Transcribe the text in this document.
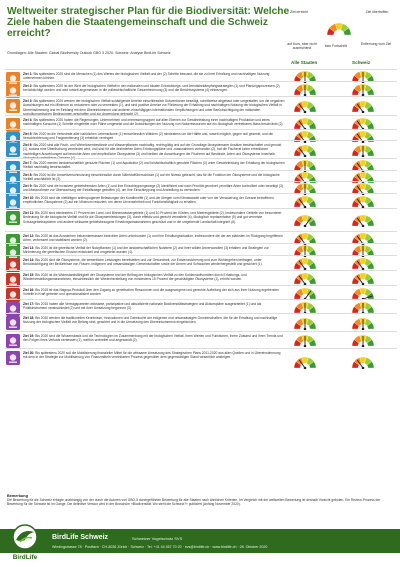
Weltweiter strategischer Plan für die Biodiversität: Welche Ziele haben die Staatengemeinschaft und die Schweiz erreicht?
Grundlagen: Alle Staaten: Global Biodiversity Outlook GBO 5 2020. Schweiz: Analyse BirdLife Schweiz
Ziel erreicht	Ziel übertroffen
auf Kurs, aber nicht ausreichend	kein Fortschritt	Entfernung vom Ziel
Alle Staaten	Schweiz
Ziel 1: Bis spätestens 2020 sind die Menschen (1) des Wertes der biologischen Vielfalt und der (2) Schritte bewusst, die sie zu ihrer Erhaltung und nachhaltigen Nutzung unternehmen können.
Ziel 2: Bis spätestens 2020 ist der Wert der biologischen Vielfalt in den nationalen und lokalen Entwicklungs- und Armutsbekämpfungsstrategien (1) und Planungsprozessen (2) berücksichtigt worden und wird soweit angemessen in die volkswirtschaftliche Gesamtrechnung (3) und die Berichtssysteme (4) einbezogen.
Ziel 3: Bis spätestens 2020 werden der biologischen Vielfalt schädigende Anreize einschliesslich Subventionen beseitigt, schrittweise abgebaut oder umgestaltet, um die negativen Auswirkungen auf ein Minimum zu reduzieren oder zu vermeiden (1), und sind positive Anreize zur Förderung der Erhaltung und nachhaltigen Nutzung der biologischen Vielfalt in Übereinstimmung und im Einklang mit dem Übereinkommen und anderen einschlägigen internationalen Verpflichtungen und unter Berücksichtigung der nationalen sozioökonomischen Bedingungen geschaffen und zur Anwendung gebracht (2).
Ziel 4: Bis spätestens 2020 haben die Regierungen, Unternehmen und Interessengruppen auf allen Ebenen zur Gewährleistung einer nachhaltigen Produktion und eines nachhaltigen Konsums (1) Schritte eingeleitet oder Pläne umgesetzt und die Auswirkungen der Nutzung von Naturressourcen auf ein ökologisch vertretbares Mass beschränkt (2).
Ziel 5: Bis 2020 ist die Verlustrate aller natürlichen Lebensräume (1) einschliesslich Wäldern (2) mindestens um die Hälfte und, soweit möglich, gegen null gesenkt, und die Verschlechterung und Fragmentierung (3) erheblich verringert.
Ziel 6: Bis 2020 sind alle Fisch- und Wirbellosenbestände und Wasserpflanzen nachhaltig, rechtsgültig und auf der Grundlage ökosystemarer Ansätze bewirtschaftet und genutzt (1), sodass eine Überfischung vermieden wird, und sind für alle dezimierten Arten Erholungspläne und -massnahmen vorhanden (2), hat die Fischerei keine erheblichen nachteiligen Auswirkungen auf bedrohte Arten und empfindliche Ökosysteme (3) und bleiben die Auswirkungen der Fischerei auf Bestände, Arten und Ökosysteme innerhalb ökologisch vertretbarer Grenzen (4).
Ziel 7: Bis 2020 werden landwirtschaftlich genutzte Flächen (1) und Aquakultur (2) und forstwirtschaftlich genutzte Flächen (3) unter Gewährleistung der Erhaltung der biologischen Vielfalt nachhaltig bewirtschaftet.
Ziel 8: Bis 2020 ist die Umweltverschmutzung einschliesslich durch Nährstoffüberschüsse (1) auf ein Niveau gebracht, das für die Funktion der Ökosysteme und die biologische Vielfalt unschädlich ist (2).
Ziel 9: Bis 2020 sind die invasiven gebietsfremden Arten (1) und ihre Einschleppungswege (2) identifiziert und nach Priorität geordnet, prioritäre Arten kontrolliert oder beseitigt (3) und Massnahmen zur Überwachung der Einfallswege getroffen (4), um ihre Einschleppung und Ansiedlung zu verhindern.
Ziel 10: Bis 2015 sind die vielfältigen anthropogenen Belastungen der Korallenriffe (1) und der übrigen vom Klimawandel oder von der Versauerung der Ozeane betroffenen empfindlichen Ökosysteme (2) auf ein Minimum reduziert, um deren Unversehrtheit und Funktionsfähigkeit zu erhalten.
Ziel 11: Bis 2020 sind mindestens 17 Prozent der Land- und Binnenwassergebiete (1) und 10 Prozent der Küsten- und Meeresgebiete (2), insbesondere Gebiete von besonderer Bedeutung für die biologische Vielfalt und für die Ökosystemleistungen (3), durch effektiv und gerecht verwaltete (4), ökologisch repräsentative (5) und gut vernetzte Schutzgebietssysteme und andere wirksame gebietsbezogene Erhaltungsmassnahmen geschützt und in die umgebende Landschaft integriert (6).
Ziel 12: Bis 2020 ist das Aussterben bekanntermassen bedrohter Arten unterbunden (1) und ihre Erhaltungssituation, insbesondere die der am stärksten im Rückgang begriffenen Arten, verbessert und stabilisiert worden (2).
Ziel 13: Bis 2020 ist die genetische Vielfalt der Nutzpflanzen (1) und der landwirtschaftlichen Nutztiere (2) und ihrer wilden Artverwandten (3) erhalten und Strategien zur Minimierung der genetischen Erosion entwickelt und umgesetzt worden (4).
Ziel 14: Bis 2020 sind die Ökosysteme, die wesentliche Leistungen bereitstellen und zur Gesundheit, zur Existenzsicherung und zum Wohlergehen beitragen, unter Berücksichtigung der Bedürfnisse von Frauen, indigenen und ortsansässigen Gemeinschaften sowie der Armen und Schwachen wiederhergestellt und gesichert (1).
Ziel 15: Bis 2020 ist die Widerstandsfähigkeit der Ökosysteme und der Beitrag der biologischen Vielfalt zu den Kohlenstoffvorräten durch Erhaltungs- und Wiederherstellungsmassnahmen, einschliesslich der Wiederherstellung von mindestens 15 Prozent der geschädigten Ökosysteme (1), erhöht worden.
Ziel 16: Bis 2015 ist das Nagoya-Protokoll über den Zugang zu genetischen Ressourcen und die ausgewogene und gerechte Aufteilung der sich aus ihrer Nutzung ergebenden Vorteile in Kraft getreten und operationalisiert worden.
Ziel 17: Bis 2015 haben alle Vertragsparteien wirksame, partizipative und aktualisierte nationale Biodiversitätsstrategien und Aktionspläne ausgearbeitet (1) und als Politikinstrument verabschiedet (2) und mit ihrer Umsetzung begonnen (3).
Ziel 18: Bis 2020 werden die traditionellen Kenntnisse, Innovationen und Gebräuche der indigenen und ortsansässigen Gemeinschaften, die für die Erhaltung und nachhaltige Nutzung der biologischen Vielfalt von Belang sind, geachtet und in die Umsetzung des Übereinkommens eingebunden.
Ziel 19: Bis 2020 sind die Wissensbasis und die Technologien im Zusammenhang mit der biologischen Vielfalt, ihren Werten und Funktionen, ihrem Zustand und ihren Trends und den Folgen ihres Verlusts verbessert (1), weithin verbreitet und angewandt (2).
Ziel 20: Bis spätestens 2020 soll die Mobilisierung finanzieller Mittel für die wirksame Umsetzung des Strategischen Plans 2011-2020 aus allen Quellen und in Übereinstimmung mit dem in der Strategie zur Mobilisierung von Finanzmitteln vereinbarten Prozess gegenüber dem gegenwärtigen Stand wesentlich ansteigen.
Bemerkung
Die Bewertung für die Schweiz erfolgte unabhängig von der durch die Autoren von GBO-5 durchgeführten Bewertung für alle Staaten nach ähnlichen Kriterien. Im Vergleich mit der weltweiten Bewertung ist deshalb Vorsicht geboten. Ein Review-Prozess der Bewertung für die Schweiz ist im Gange. Die definitive Version wird in der Broschüre «Biodiversität: Wo steht die Schweiz?» publiziert (Anfang November 2020).
BirdLife
BirdLife Schweiz	Schweizer Vogelschutz SVS
Wiedingstrasse 78 · Postfach · CH-8036 Zürich · Schweiz · Tel. +41 44 457 70 20 · svs@birdlife.ch · www.birdlife.ch · 28. Oktober 2020
